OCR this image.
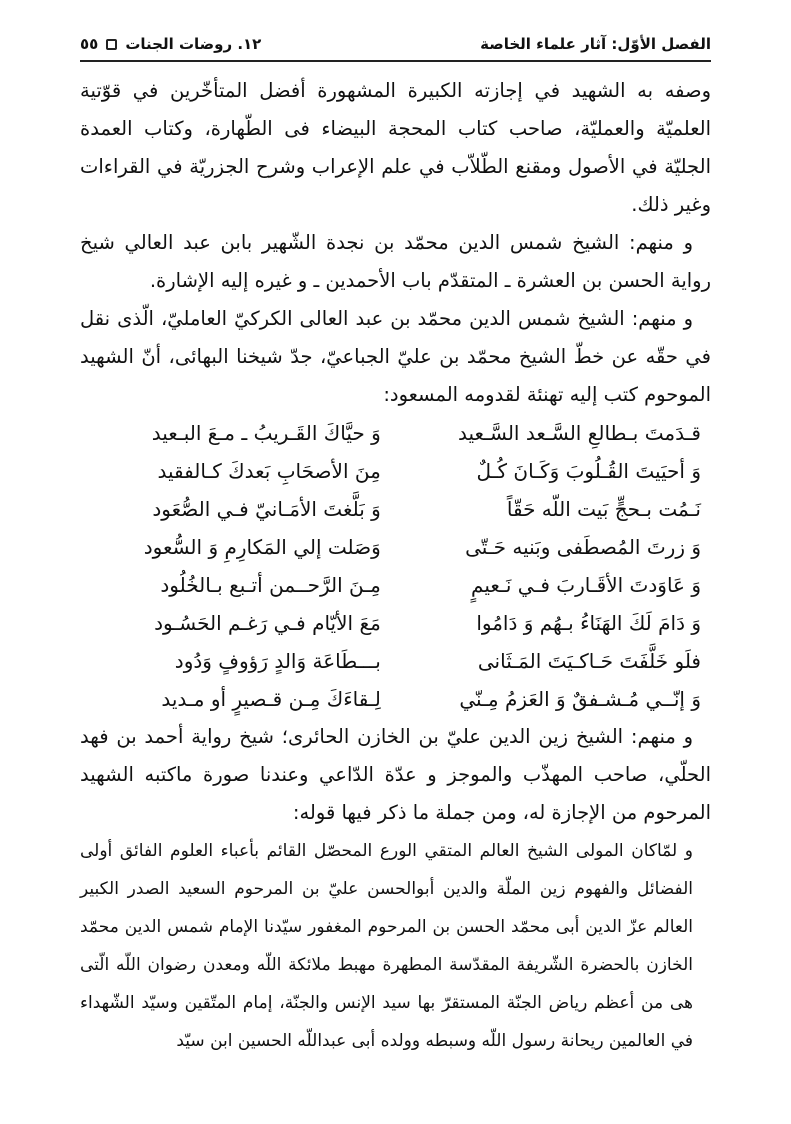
الفصل الأوّل: آثار علماء الخاصة
١٢. روضات الجنات
٥٥

وصفه به الشهيد في إجازته الكبيرة المشهورة أفضل المتأخّرين في قوّتية العلميّة والعمليّة، صاحب كتاب المحجة البيضاء فى الطّهارة، وكتاب العمدة الجليّة في الأصول ومقنع الطّلاّب في علم الإعراب وشرح الجزريّة في القراءات وغير ذلك.

و منهم: الشيخ شمس الدين محمّد بن نجدة الشّهير بابن عبد العالي شيخ رواية الحسن بن العشرة ـ المتقدّم باب الأحمدين ـ و غيره إليه الإشارة.

و منهم: الشيخ شمس الدين محمّد بن عبد العالى الكركيّ العامليّ، الّذى نقل في حقّه عن خطّ الشيخ محمّد بن عليّ الجباعيّ، جدّ شيخنا البهائى، أنّ الشهيد الموحوم كتب إليه تهنئة لقدومه المسعود:

قـدَمتَ بـطالعِ السَّـعد السَّـعيد
وَ حيَّاكَ القَـريبُ ـ مـعَ البـعيد
وَ أحيَيتَ القُـلُوبَ وَكَـانَ كُـلٌ
مِنَ الأصحَابِ بَعدكَ كـالفقيد
نَـمُت بـحجٍّ بَيت اللّه حَقّاً
وَ بَلَّغتَ الأمَـانيّ فـي الصُّعَود
وَ زرتَ المُصطَفى وبَنيه حَـتّى
وَصَلت إلي المَكارِمِ وَ السُّعود
وَ عَاوَدتَ الأقَـاربَ فـي نَـعيمٍ
مِـنَ الرَّحــمن أتـبع بـالخُلُود
وَ دَامَ لَكَ الهَنَاءُ بـهُم وَ دَامُوا
مَعَ الأيّام فـي رَغـم الحَسُـود
فلَو خَلَّفَتَ حَـاكـيَتَ المَـثَانى
بـــطَاعَة وَالدٍ رَؤوفٍ وَدُود
وَ إنّــي مُـشـفقٌ وَ العَزمُ مِـنّي
لِـقاءَكَ مِـن قـصيرٍ أو مـديد

و منهم: الشيخ زين الدين عليّ بن الخازن الحائرى؛ شيخ رواية أحمد بن فهد الحلّي، صاحب المهذّب والموجز و عدّة الدّاعي وعندنا صورة ماكتبه الشهيد المرحوم من الإجازة له، ومن جملة ما ذكر فيها قوله:

و لمّاكان المولى الشيخ العالم المتقي الورع المحصّل القائم بأعباء العلوم الفائق أولى الفضائل والفهوم زين الملّة والدين أبوالحسن عليّ بن المرحوم السعيد الصدر الكبير العالم عزّ الدين أبى محمّد الحسن بن المرحوم المغفور سيّدنا الإمام شمس الدين محمّد الخازن بالحضرة الشّريفة المقدّسة المطهرة مهبط ملائكة اللّه ومعدن رضوان اللّه الّتى هى من أعظم رياض الجنّة المستقرّ بها سيد الإنس والجنّة، إمام المتّقين وسيّد الشّهداء في العالمين ريحانة رسول اللّه وسبطه وولده أبى عبداللّه الحسين ابن سيّد
